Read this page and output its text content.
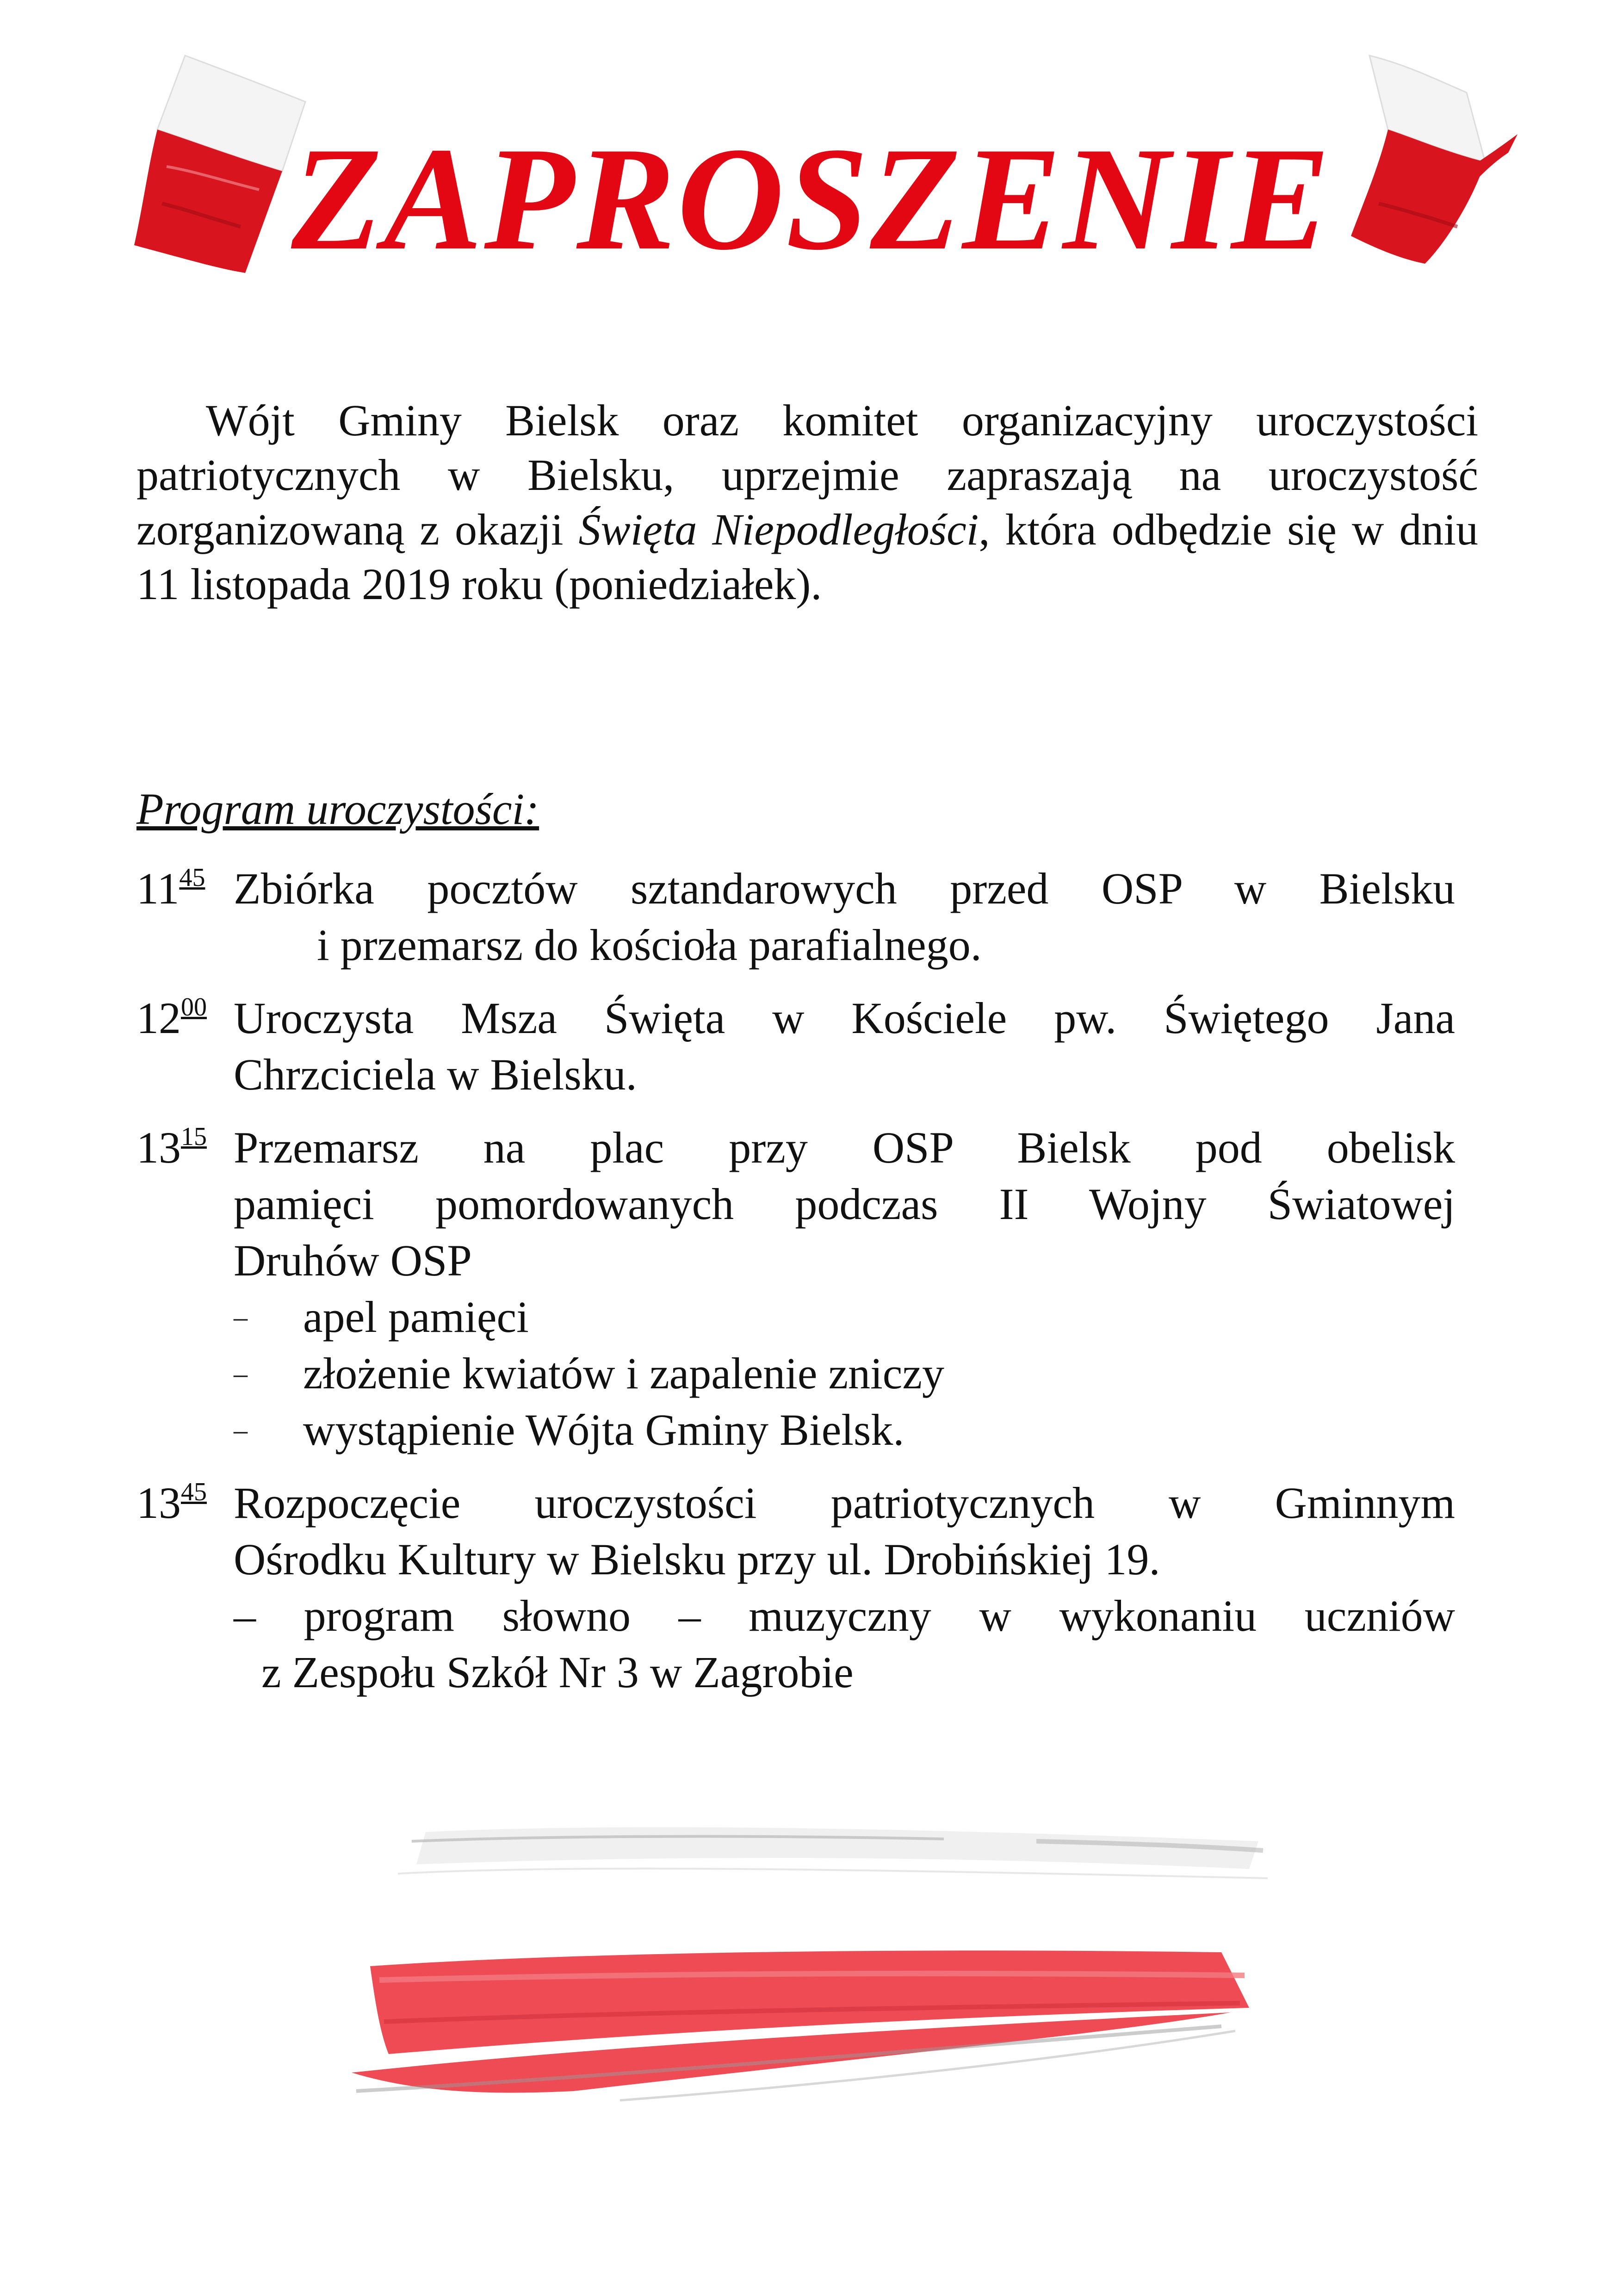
ZAPROSZENIE

Wójt Gminy Bielsk oraz komitet organizacyjny uroczystości patriotycznych w Bielsku, uprzejmie zapraszają na uroczystość zorganizowaną z okazji Święta Niepodległości, która odbędzie się w dniu 11 listopada 2019 roku (poniedziałek).

Program uroczystości:

$11^{45}$ Zbiórka pocztów sztandarowych przed OSP w Bielsku
i przemarsz do kościoła parafialnego.
$12^{00}$ Uroczysta Msza Święta w Kościele pw. Świętego Jana
Chrzciciela w Bielsku.
$13^{15}$ Przemarsz na plac przy OSP Bielsk pod obelisk
pamięci pomordowanych podczas II Wojny Światowej
Druhów OSP
–	apel pamięci
–	złożenie kwiatów i zapalenie zniczy
–	wystąpienie Wójta Gminy Bielsk.
$13^{45}$ Rozpoczęcie uroczystości patriotycznych w Gminnym
Ośrodku Kultury w Bielsku przy ul. Drobińskiej 19.
– program słowno – muzyczny w wykonaniu uczniów
z Zespołu Szkół Nr 3 w Zagrobie
